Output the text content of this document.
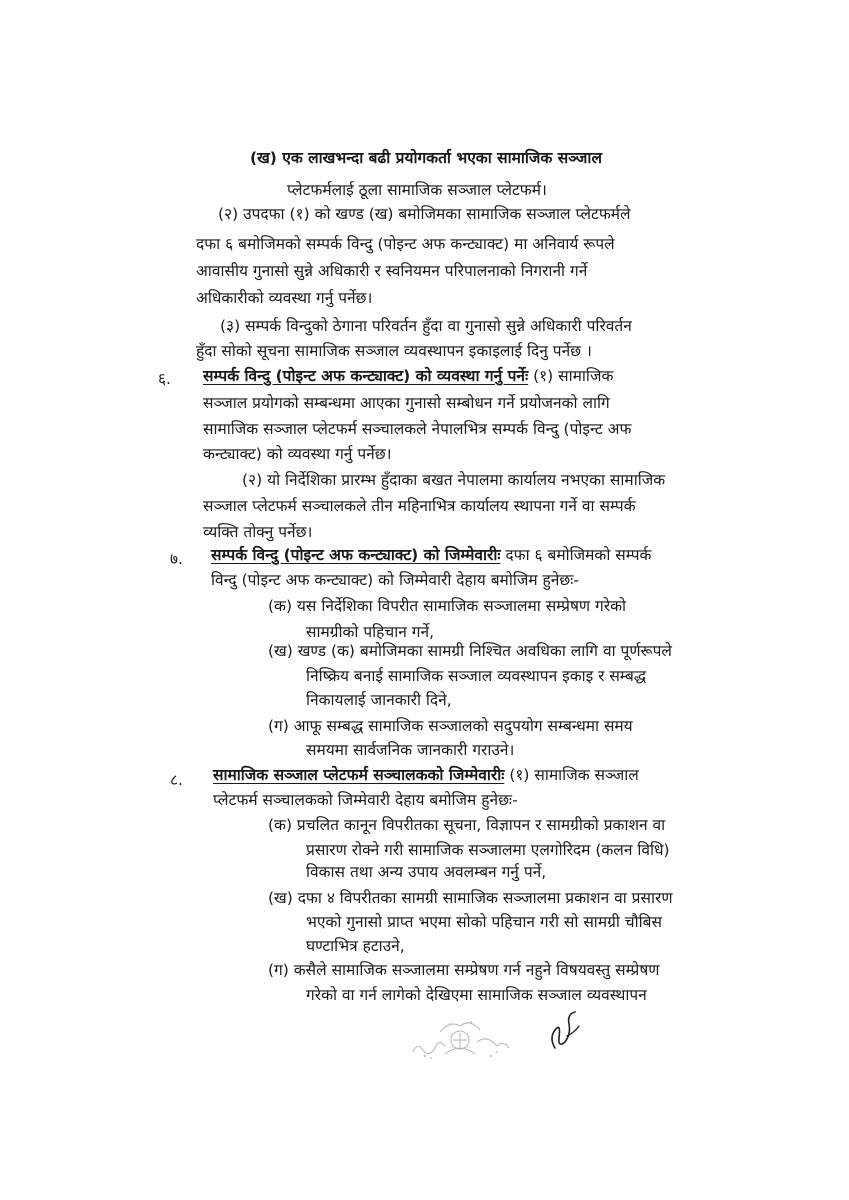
(ख) एक लाखभन्दा बढी प्रयोगकर्ता भएका सामाजिक सञ्जाल
प्लेटफर्मलाई ठूला सामाजिक सञ्जाल प्लेटफर्म।
(२) उपदफा (१) को खण्ड (ख) बमोजिमका सामाजिक सञ्जाल प्लेटफर्मले
दफा ६ बमोजिमको सम्पर्क विन्दु (पोइन्ट अफ कन्ट्याक्ट) मा अनिवार्य रूपले
आवासीय गुनासो सुन्ने अधिकारी र स्वनियमन परिपालनाको निगरानी गर्ने
अधिकारीको व्यवस्था गर्नु पर्नेछ।
(३) सम्पर्क विन्दुको ठेगाना परिवर्तन हुँदा वा गुनासो सुन्ने अधिकारी परिवर्तन
हुँदा सोको सूचना सामाजिक सञ्जाल व्यवस्थापन इकाइलाई दिनु पर्नेछ ।
६. सम्पर्क विन्दु (पोइन्ट अफ कन्ट्याक्ट) को व्यवस्था गर्नु पर्नेः (१) सामाजिक
सञ्जाल प्रयोगको सम्बन्धमा आएका गुनासो सम्बोधन गर्ने प्रयोजनको लागि
सामाजिक सञ्जाल प्लेटफर्म सञ्चालकले नेपालभित्र सम्पर्क विन्दु (पोइन्ट अफ
कन्ट्याक्ट) को व्यवस्था गर्नु पर्नेछ।
(२) यो निर्देशिका प्रारम्भ हुँदाका बखत नेपालमा कार्यालय नभएका सामाजिक
सञ्जाल प्लेटफर्म सञ्चालकले तीन महिनाभित्र कार्यालय स्थापना गर्ने वा सम्पर्क
व्यक्ति तोक्नु पर्नेछ।
७. सम्पर्क विन्दु (पोइन्ट अफ कन्ट्याक्ट) को जिम्मेवारीः दफा ६ बमोजिमको सम्पर्क
विन्दु (पोइन्ट अफ कन्ट्याक्ट) को जिम्मेवारी देहाय बमोजिम हुनेछः-
(क) यस निर्देशिका विपरीत सामाजिक सञ्जालमा सम्प्रेषण गरेको
सामग्रीको पहिचान गर्ने,
(ख) खण्ड (क) बमोजिमका सामग्री निश्चित अवधिका लागि वा पूर्णरूपले
निष्क्रिय बनाई सामाजिक सञ्जाल व्यवस्थापन इकाइ र सम्बद्ध
निकायलाई जानकारी दिने,
(ग) आफू सम्बद्ध सामाजिक सञ्जालको सदुपयोग सम्बन्धमा समय
समयमा सार्वजनिक जानकारी गराउने।
८. सामाजिक सञ्जाल प्लेटफर्म सञ्चालकको जिम्मेवारीः (१) सामाजिक सञ्जाल
प्लेटफर्म सञ्चालकको जिम्मेवारी देहाय बमोजिम हुनेछः-
(क) प्रचलित कानून विपरीतका सूचना, विज्ञापन र सामग्रीको प्रकाशन वा
प्रसारण रोक्ने गरी सामाजिक सञ्जालमा एलगोरिदम (कलन विधि)
विकास तथा अन्य उपाय अवलम्बन गर्नु पर्ने,
(ख) दफा ४ विपरीतका सामग्री सामाजिक सञ्जालमा प्रकाशन वा प्रसारण
भएको गुनासो प्राप्त भएमा सोको पहिचान गरी सो सामग्री चौबिस
घण्टाभित्र हटाउने,
(ग) कसैले सामाजिक सञ्जालमा सम्प्रेषण गर्न नहुने विषयवस्तु सम्प्रेषण
गरेको वा गर्न लागेको देखिएमा सामाजिक सञ्जाल व्यवस्थापन
